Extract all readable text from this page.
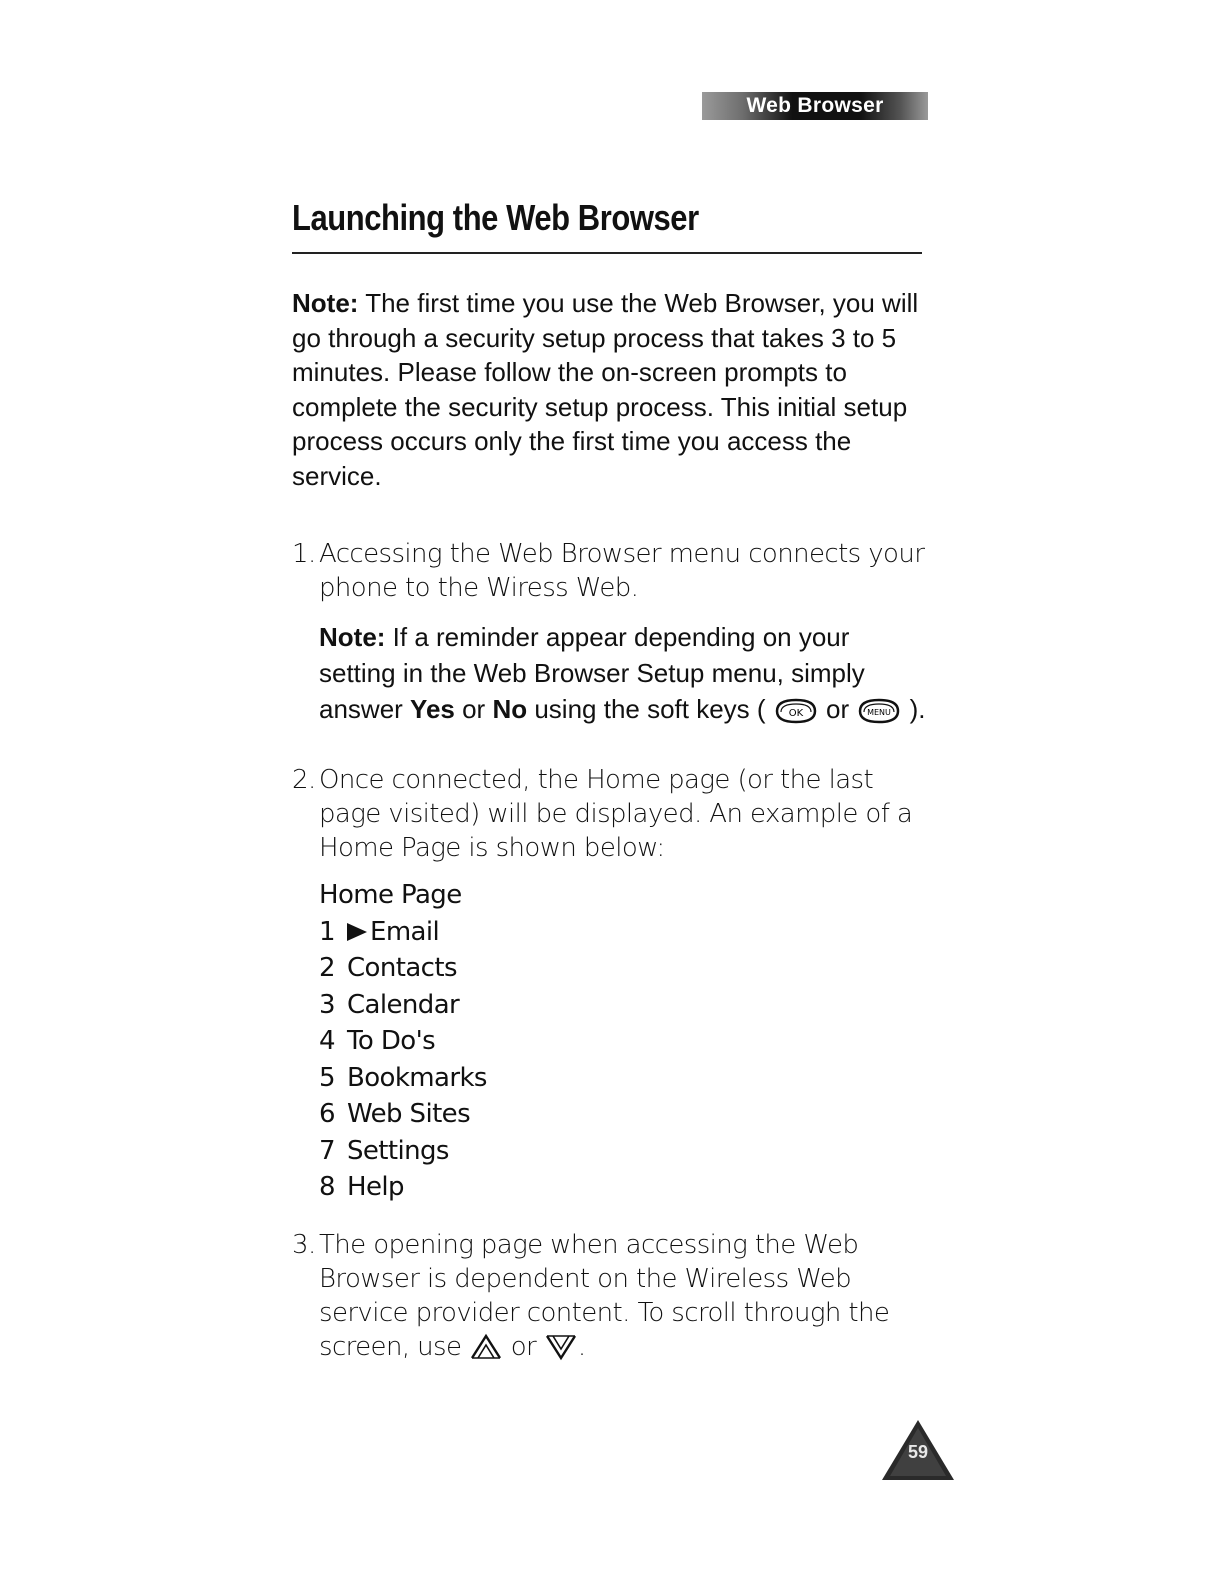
Web Browser
Launching the Web Browser

Note: The first time you use the Web Browser, you will go through a security setup process that takes 3 to 5 minutes. Please follow the on-screen prompts to complete the security setup process. This initial setup process occurs only the first time you access the service.

1. Accessing the Web Browser menu connects your phone to the Wiress Web.

Note: If a reminder appear depending on your setting in the Web Browser Setup menu, simply answer Yes or No using the soft keys ( OK or MENU ).

2. Once connected, the Home page (or the last page visited) will be displayed. An example of a Home Page is shown below:
Home Page
1 Email
2 Contacts
3 Calendar
4 To Do's
5 Bookmarks
6 Web Sites
7 Settings
8 Help
3. The opening page when accessing the Web Browser is dependent on the Wireless Web service provider content. To scroll through the screen, use or .
59
